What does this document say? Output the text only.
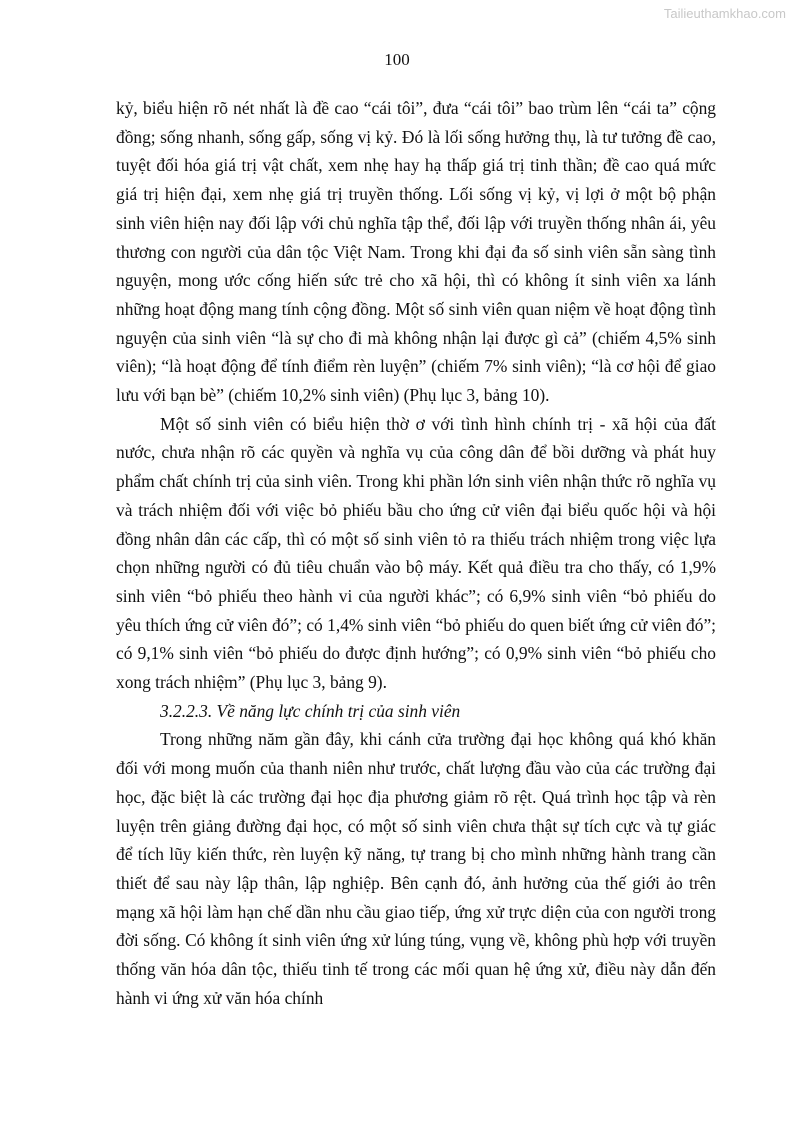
Tailieuthamkhao.com
100

kỷ, biểu hiện rõ nét nhất là đề cao “cái tôi”, đưa “cái tôi” bao trùm lên “cái ta” cộng đồng; sống nhanh, sống gấp, sống vị kỷ. Đó là lối sống hưởng thụ, là tư tưởng đề cao, tuyệt đối hóa giá trị vật chất, xem nhẹ hay hạ thấp giá trị tinh thần; đề cao quá mức giá trị hiện đại, xem nhẹ giá trị truyền thống. Lối sống vị kỷ, vị lợi ở một bộ phận sinh viên hiện nay đối lập với chủ nghĩa tập thể, đối lập với truyền thống nhân ái, yêu thương con người của dân tộc Việt Nam. Trong khi đại đa số sinh viên sẵn sàng tình nguyện, mong ước cống hiến sức trẻ cho xã hội, thì có không ít sinh viên xa lánh những hoạt động mang tính cộng đồng. Một số sinh viên quan niệm về hoạt động tình nguyện của sinh viên “là sự cho đi mà không nhận lại được gì cả” (chiếm 4,5% sinh viên); “là hoạt động để tính điểm rèn luyện” (chiếm 7% sinh viên); “là cơ hội để giao lưu với bạn bè” (chiếm 10,2% sinh viên) (Phụ lục 3, bảng 10).

Một số sinh viên có biểu hiện thờ ơ với tình hình chính trị - xã hội của đất nước, chưa nhận rõ các quyền và nghĩa vụ của công dân để bồi dưỡng và phát huy phẩm chất chính trị của sinh viên. Trong khi phần lớn sinh viên nhận thức rõ nghĩa vụ và trách nhiệm đối với việc bỏ phiếu bầu cho ứng cử viên đại biểu quốc hội và hội đồng nhân dân các cấp, thì có một số sinh viên tỏ ra thiếu trách nhiệm trong việc lựa chọn những người có đủ tiêu chuẩn vào bộ máy. Kết quả điều tra cho thấy, có 1,9% sinh viên “bỏ phiếu theo hành vi của người khác”; có 6,9% sinh viên “bỏ phiếu do yêu thích ứng cử viên đó”; có 1,4% sinh viên “bỏ phiếu do quen biết ứng cử viên đó”; có 9,1% sinh viên “bỏ phiếu do được định hướng”; có 0,9% sinh viên “bỏ phiếu cho xong trách nhiệm” (Phụ lục 3, bảng 9).

3.2.2.3. Về năng lực chính trị của sinh viên

Trong những năm gần đây, khi cánh cửa trường đại học không quá khó khăn đối với mong muốn của thanh niên như trước, chất lượng đầu vào của các trường đại học, đặc biệt là các trường đại học địa phương giảm rõ rệt. Quá trình học tập và rèn luyện trên giảng đường đại học, có một số sinh viên chưa thật sự tích cực và tự giác để tích lũy kiến thức, rèn luyện kỹ năng, tự trang bị cho mình những hành trang cần thiết để sau này lập thân, lập nghiệp. Bên cạnh đó, ảnh hưởng của thế giới ảo trên mạng xã hội làm hạn chế dần nhu cầu giao tiếp, ứng xử trực diện của con người trong đời sống. Có không ít sinh viên ứng xử lúng túng, vụng về, không phù hợp với truyền thống văn hóa dân tộc, thiếu tinh tế trong các mối quan hệ ứng xử, điều này dẫn đến hành vi ứng xử văn hóa chính
